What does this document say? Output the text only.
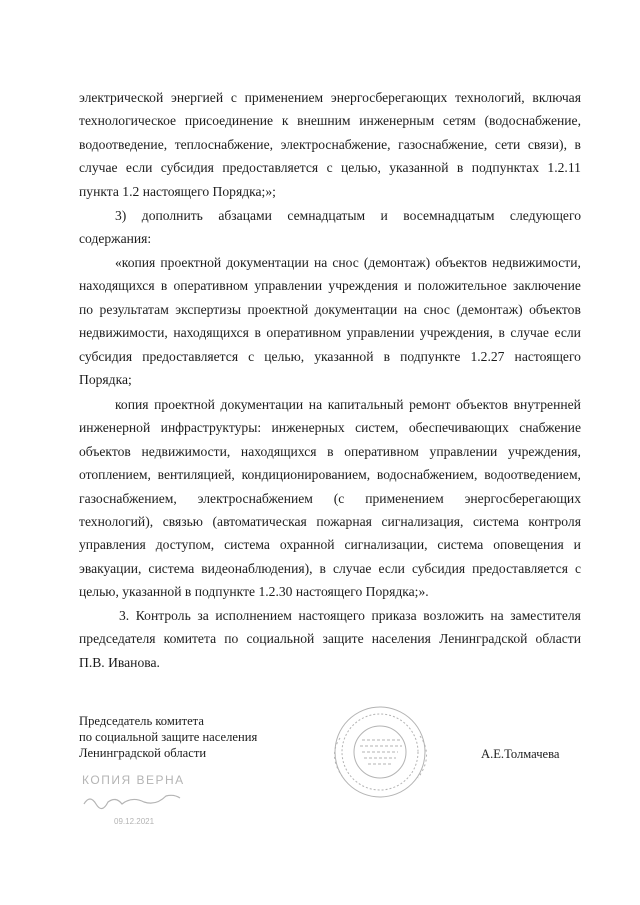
электрической энергией с применением энергосберегающих технологий, включая
технологическое присоединение к внешним инженерным сетям (водоснабжение,
водоотведение, теплоснабжение, электроснабжение, газоснабжение, сети связи), в
случае если субсидия предоставляется с целью, указанной в подпунктах 1.2.11
пункта 1.2 настоящего Порядка;»;
3) дополнить абзацами семнадцатым и восемнадцатым следующего
содержания:
«копия проектной документации на снос (демонтаж) объектов недвижимости,
находящихся в оперативном управлении учреждения и положительное заключение
по результатам экспертизы проектной документации на снос (демонтаж) объектов
недвижимости, находящихся в оперативном управлении учреждения, в случае если
субсидия предоставляется с целью, указанной в подпункте 1.2.27 настоящего
Порядка;
копия проектной документации на капитальный ремонт объектов внутренней
инженерной инфраструктуры: инженерных систем, обеспечивающих снабжение
объектов недвижимости, находящихся в оперативном управлении учреждения,
отоплением, вентиляцией, кондиционированием, водоснабжением, водоотведением,
газоснабжением, электроснабжением (с применением энергосберегающих
технологий), связью (автоматическая пожарная сигнализация, система контроля
управления доступом, система охранной сигнализации, система оповещения и
эвакуации, система видеонаблюдения), в случае если субсидия предоставляется с
целью, указанной в подпункте 1.2.30 настоящего Порядка;».
3. Контроль за исполнением настоящего приказа возложить на заместителя
председателя комитета по социальной защите населения Ленинградской области
П.В. Иванова.
Председатель комитета
по социальной защите населения
Ленинградской области	А.Е.Толмачева
КОПИЯ ВЕРНА
09.12.2021
